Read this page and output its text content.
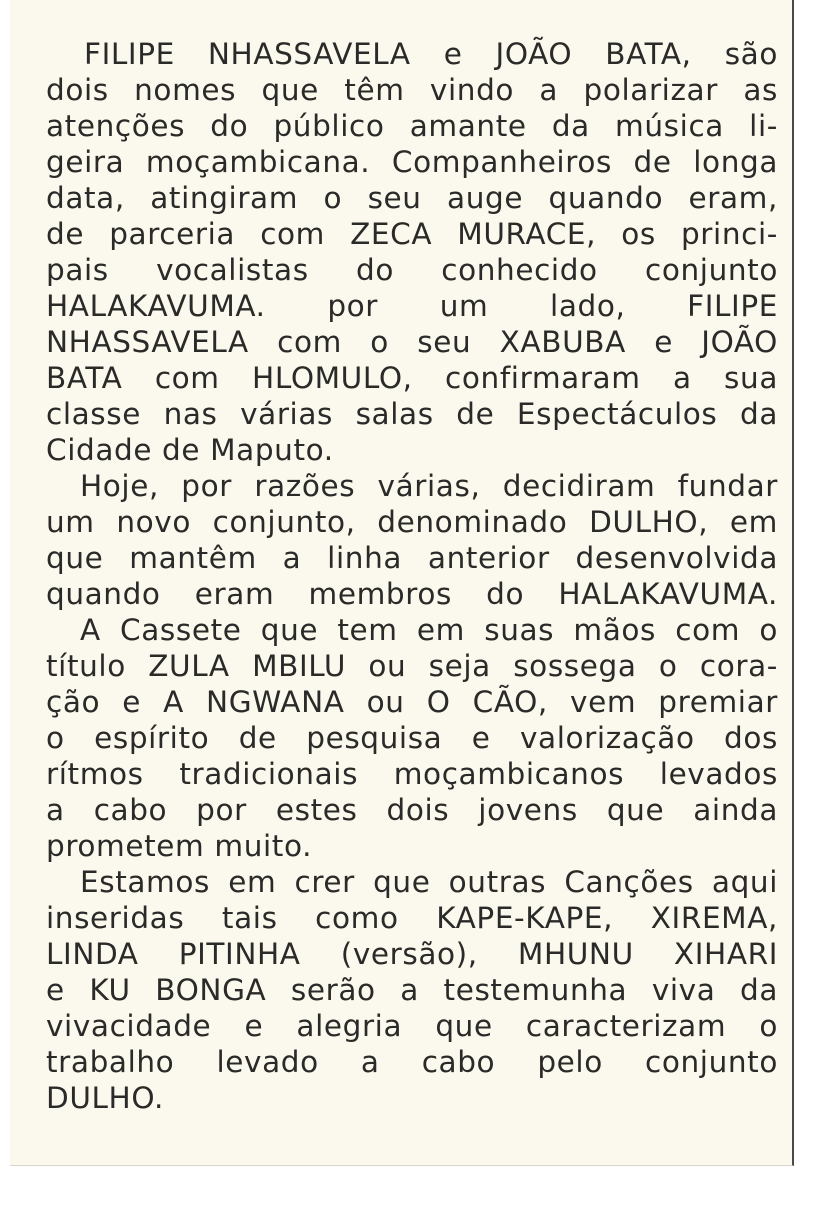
FILIPE NHASSAVELA e JOÃO BATA, são
dois nomes que têm vindo a polarizar as
atenções do público amante da música li-
geira moçambicana. Companheiros de longa
data, atingiram o seu auge quando eram,
de parceria com ZECA MURACE, os princi-
pais vocalistas do conhecido conjunto
HALAKAVUMA. por um lado, FILIPE
NHASSAVELA com o seu XABUBA e JOÃO
BATA com HLOMULO, confirmaram a sua
classe nas várias salas de Espectáculos da
Cidade de Maputo.
Hoje, por razões várias, decidiram fundar
um novo conjunto, denominado DULHO, em
que mantêm a linha anterior desenvolvida
quando eram membros do HALAKAVUMA.
A Cassete que tem em suas mãos com o
título ZULA MBILU ou seja sossega o cora-
ção e A NGWANA ou O CÃO, vem premiar
o espírito de pesquisa e valorização dos
rítmos tradicionais moçambicanos levados
a cabo por estes dois jovens que ainda
prometem muito.
Estamos em crer que outras Canções aqui
inseridas tais como KAPE-KAPE, XIREMA,
LINDA PITINHA (versão), MHUNU XIHARI
e KU BONGA serão a testemunha viva da
vivacidade e alegria que caracterizam o
trabalho levado a cabo pelo conjunto
DULHO.
